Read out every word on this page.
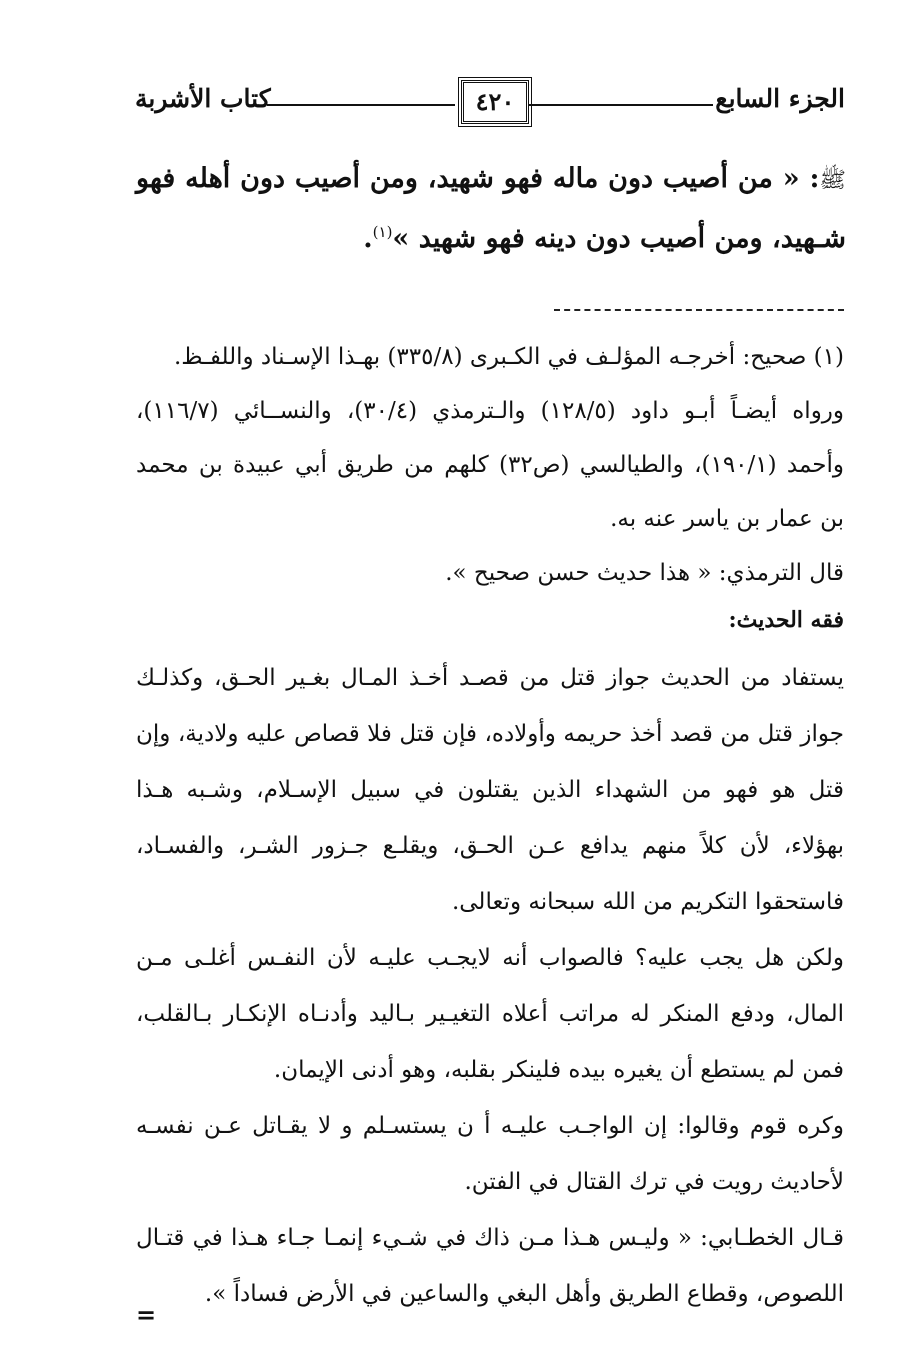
الجزء السابع
٤٢٠
كتاب الأشربة
ﷺ: « من أصيب دون ماله فهو شهيد، ومن أصيب دون أهله فهو شـهيد، ومن أصيب دون دينه فهو شهيد »$^{(١)}$.

(١) صحيح: أخرجـه المؤلـف في الكـبرى (٣٣٥/٨) بهـذا الإسـناد واللفـظ.

ورواه أيضـاً أبـو داود (١٢٨/٥) والـترمذي (٣٠/٤)، والنســائي (١١٦/٧)، وأحمد (١٩٠/١)، والطيالسي (ص٣٢) كلهم من طريق أبي عبيدة بن محمد بن عمار بن ياسر عنه به.

قال الترمذي: « هذا حديث حسن صحيح ».

فقه الحديث:

يستفاد من الحديث جواز قتل من قصـد أخـذ المـال بغـير الحـق، وكذلـك جواز قتل من قصد أخذ حريمه وأولاده، فإن قتل فلا قصاص عليه ولادية، وإن قتل هو فهو من الشهداء الذين يقتلون في سبيل الإسـلام، وشـبه هـذا بهؤلاء، لأن كلاً منهم يدافع عـن الحـق، ويقلـع جـزور الشـر، والفسـاد، فاستحقوا التكريم من الله سبحانه وتعالى.

ولكن هل يجب عليه؟ فالصواب أنه لايجـب عليـه لأن النفـس أغلـى مـن المال، ودفع المنكر له مراتب أعلاه التغيـير بـاليد وأدنـاه الإنكـار بـالقلب، فمن لم يستطع أن يغيره بيده فلينكر بقلبه، وهو أدنى الإيمان.

وكره قوم وقالوا: إن الواجـب عليـه أ ن يستسـلم و لا يقـاتل عـن نفسـه لأحاديث رويت في ترك القتال في الفتن.

قـال الخطـابي: « وليـس هـذا مـن ذاك في شـيء إنمـا جـاء هـذا في قتـال اللصوص، وقطاع الطريق وأهل البغي والساعين في الأرض فساداً ».

=
